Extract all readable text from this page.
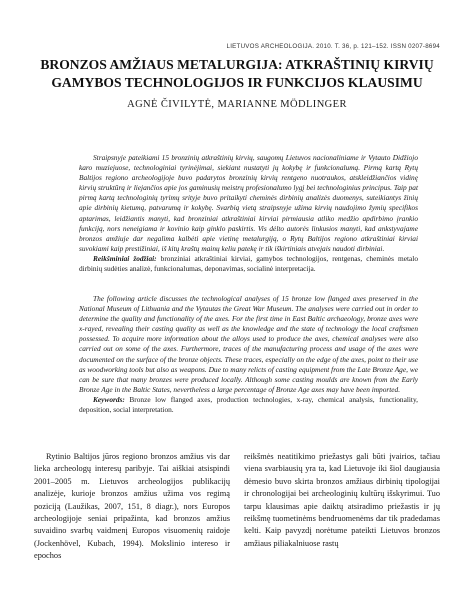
LIETUVOS ARCHEOLOGIJA. 2010. T. 36, p. 121–152. ISSN 0207-8694
BRONZOS AMŽIAUS METALURGIJA: ATKRAŠTINIŲ KIRVIŲ
GAMYBOS TECHNOLOGIJOS IR FUNKCIJOS KLAUSIMU
AGNĖ ČIVILYTĖ, MARIANNE MÖDLINGER

Straipsnyje pateikiami 15 bronzinių atkraštinių kirvių, saugomų Lietuvos nacionaliniame ir Vytauto Didžiojo karo muziejuose, technologiniai tyrinėjimai, siekiant nustatyti jų kokybę ir funkcionalumą. Pirmą kartą Rytų Baltijos regiono archeologijoje buvo padarytos bronzinių kirvių rentgeno nuotraukos, atskleidžiančios vidinę kirvių struktūrą ir liejančios apie jos gaminusių meistrų profesionalumo lygį bei technologinius principus. Taip pat pirmą kartą technologinių tyrimų srityje buvo pritaikyti cheminės dirbinių analizės duomenys, suteikiantys žinių apie dirbinių kietumą, patvarumą ir kokybę. Svarbią vietą straipsnyje užima kirvių naudojimo žymių specifikos aptarimas, leidžiantis manyti, kad bronziniai atkraštiniai kirviai pirmiausia atliko medžio apdirbimo įrankio funkciją, nors neneigiama ir kovinio kaip ginklo paskirtis. Vis dėlto autorės linkusios manyti, kad ankstyvajame bronzos amžiuje dar negalima kalbėti apie vietinę metalurgiją, o Rytų Baltijos regiono atkraštiniai kirviai suvokiami kaip prestižiniai, iš kitų kraštų mainų keliu patekę ir tik iškirtiniais atvejais naudoti dirbiniai.

Reikšminiai žodžiai: bronziniai atkraštiniai kirviai, gamybos technologijos, rentgenas, cheminės metalo dirbinių sudėties analizė, funkcionalumas, deponavimas, socialinė interpretacija.

The following article discusses the technological analyses of 15 bronze low flanged axes preserved in the National Museum of Lithuania and the Vytautas the Great War Museum. The analyses were carried out in order to determine the quality and functionality of the axes. For the first time in East Baltic archaeology, bronze axes were x-rayed, revealing their casting quality as well as the knowledge and the state of technology the local craftsmen possessed. To acquire more information about the alloys used to produce the axes, chemical analyses were also carried out on some of the axes. Furthermore, traces of the manufacturing process and usage of the axes were documented on the surface of the bronze objects. These traces, especially on the edge of the axes, point to their use as woodworking tools but also as weapons. Due to many relicts of casting equipment from the Late Bronze Age, we can be sure that many bronzes were produced locally. Although some casting moulds are known from the Early Bronze Age in the Baltic States, nevertheless a large percentage of Bronze Age axes may have been imported.

Keywords: Bronze low flanged axes, production technologies, x-ray, chemical analysis, functionality, deposition, social interpretation.

Rytinio Baltijos jūros regiono bronzos amžius vis dar lieka archeologų interesų paribyje. Tai aiškiai atsispindi 2001–2005 m. Lietuvos archeologijos publikacijų analizėje, kurioje bronzos amžius užima vos regimą poziciją (Laužikas, 2007, 151, 8 diagr.), nors Europos archeologijoje seniai pripažinta, kad bronzos amžius suvaidino svarbų vaidmenį Europos visuomenių raidoje (Jockenhövel, Kubach, 1994). Mokslinio intereso ir epochos

reikšmės neatitikimo priežastys gali būti įvairios, tačiau viena svarbiausių yra ta, kad Lietuvoje iki šiol daugiausia dėmesio buvo skirta bronzos amžiaus dirbinių tipologijai ir chronologijai bei archeologinių kultūrų išskyrimui. Tuo tarpu klausimas apie daiktų atsiradimo priežastis ir jų reikšmę tuometinėms bendruomenėms dar tik pradedamas kelti. Kaip pavyzdį norėtume pateikti Lietuvos bronzos amžiaus piliakalniuose rastų
